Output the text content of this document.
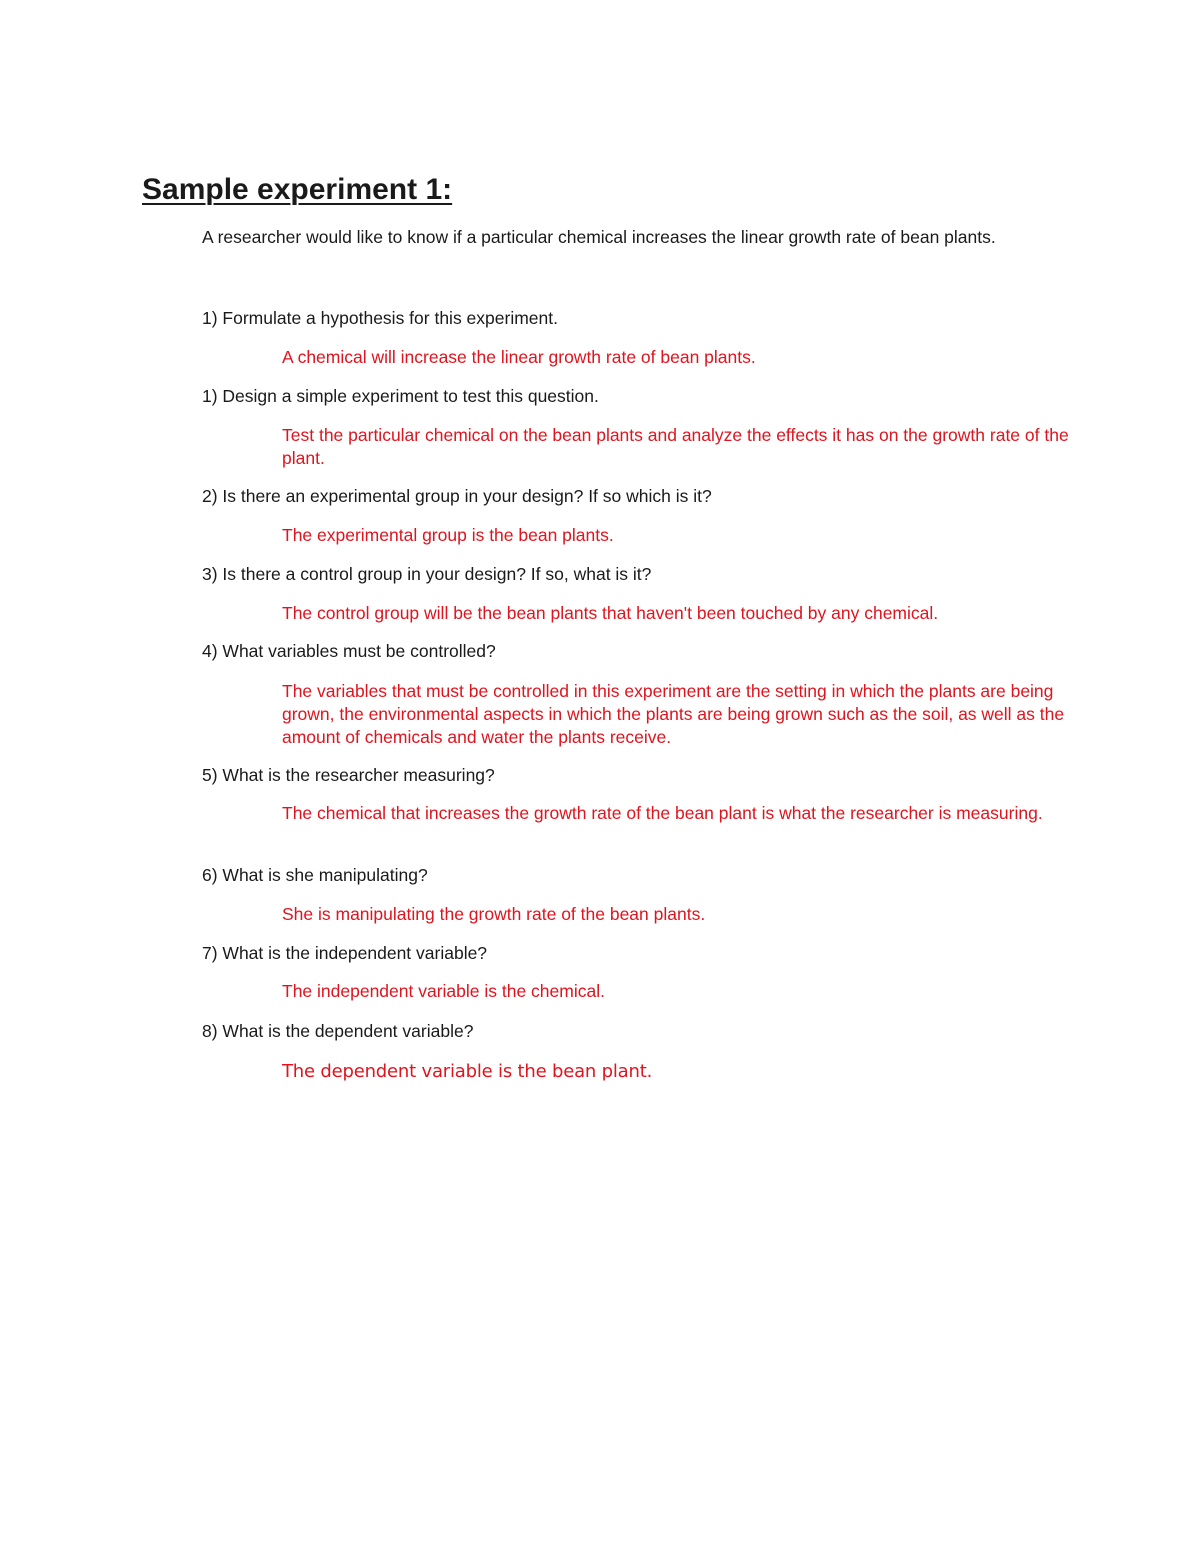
Sample experiment 1:

A researcher would like to know if a particular chemical increases the linear growth rate of bean plants.

1) Formulate a hypothesis for this experiment.

A chemical will increase the linear growth rate of bean plants.

1) Design a simple experiment to test this question.

Test the particular chemical on the bean plants and analyze the effects it has on the growth rate of the plant.

2) Is there an experimental group in your design? If so which is it?

The experimental group is the bean plants.

3) Is there a control group in your design? If so, what is it?

The control group will be the bean plants that haven't been touched by any chemical.

4) What variables must be controlled?

The variables that must be controlled in this experiment are the setting in which the plants are being grown, the environmental aspects in which the plants are being grown such as the soil, as well as the amount of chemicals and water the plants receive.

5) What is the researcher measuring?

The chemical that increases the growth rate of the bean plant is what the researcher is measuring.

6) What is she manipulating?

She is manipulating the growth rate of the bean plants.

7) What is the independent variable?

The independent variable is the chemical.

8) What is the dependent variable?

The dependent variable is the bean plant.
